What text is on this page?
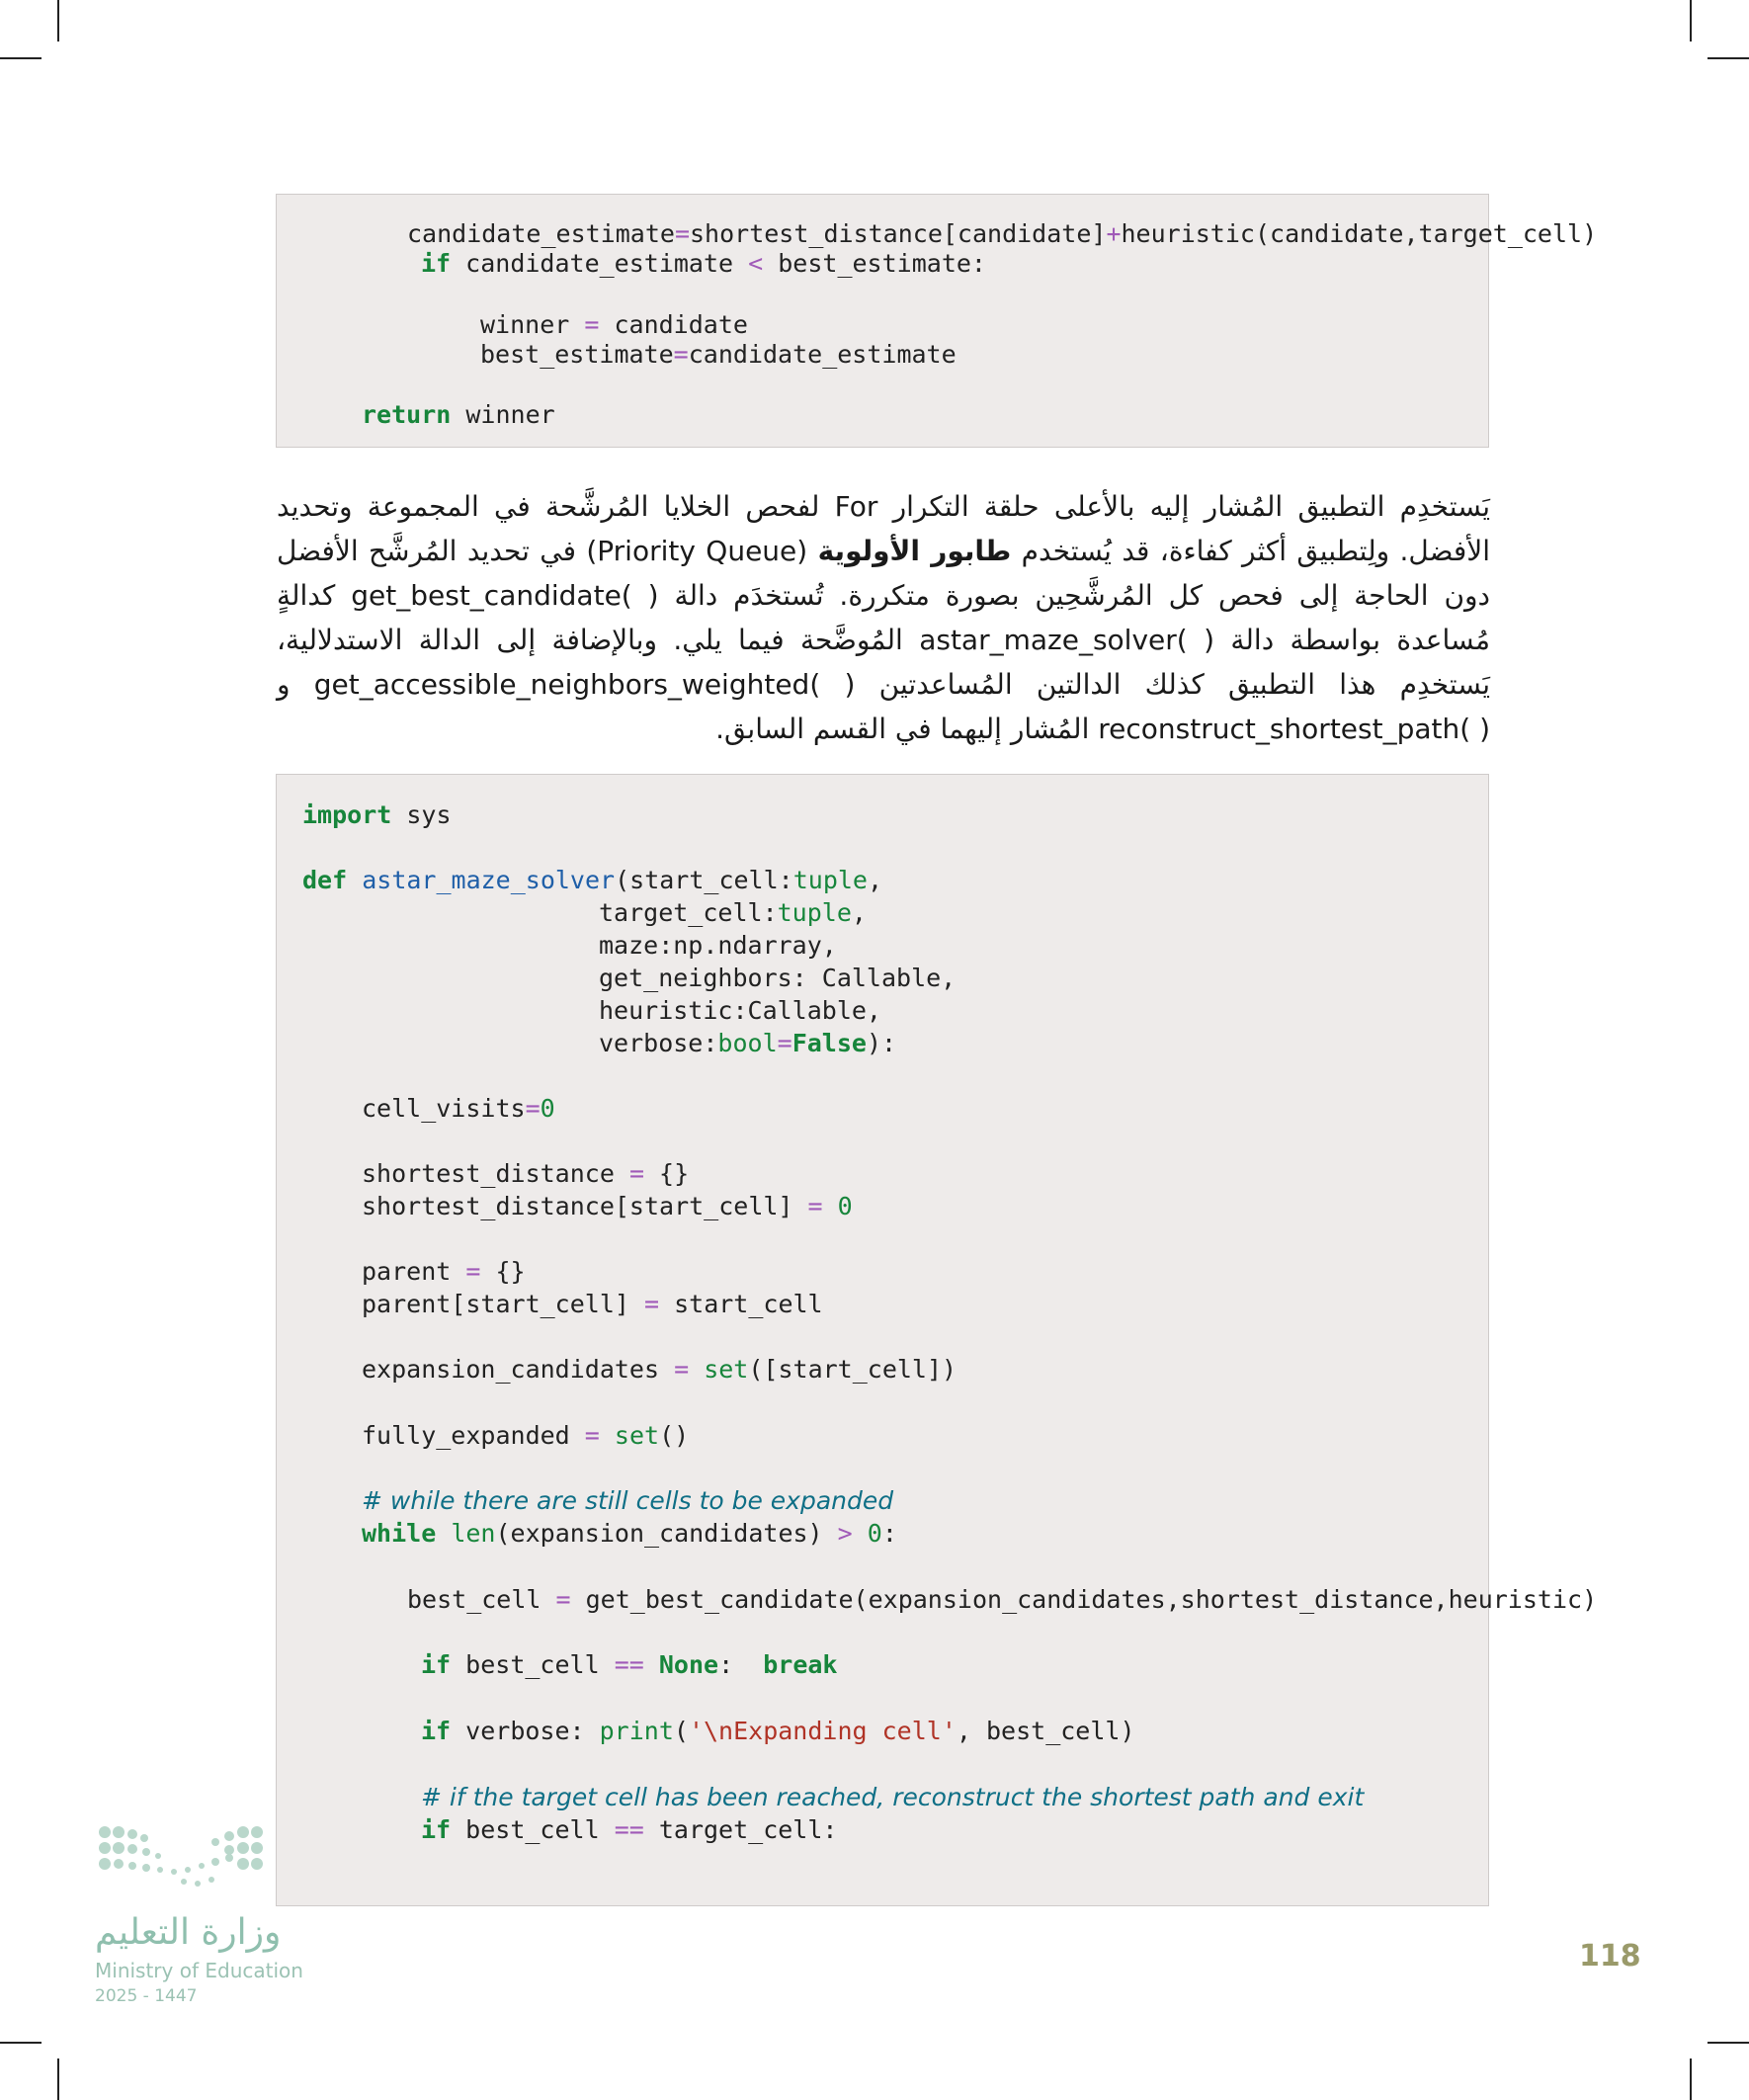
candidate_estimate=shortest_distance[candidate]+heuristic(candidate,target_cell)
if candidate_estimate < best_estimate:
winner = candidate
best_estimate=candidate_estimate
return winner
يَستخدِم التطبيق المُشار إليه بالأعلى حلقة التكرار For لفحص الخلايا المُرشَّحة في المجموعة وتحديد الأفضل. ولِتطبيق أكثر كفاءة، قد يُستخدم طابور الأولوية (Priority Queue) في تحديد المُرشَّح الأفضل دون الحاجة إلى فحص كل المُرشَّحِين بصورة متكررة. تُستخدَم دالة get_best_candidate( ) كدالةٍ مُساعدة بواسطة دالة astar_maze_solver( ) المُوضَّحة فيما يلي. وبالإضافة إلى الدالة الاستدلالية، يَستخدِم هذا التطبيق كذلك الدالتين المُساعدتين get_accessible_neighbors_weighted( ) و reconstruct_shortest_path( ) المُشار إليهما في القسم السابق.
import sys
def astar_maze_solver(start_cell:tuple,
target_cell:tuple,
maze:np.ndarray,
get_neighbors: Callable,
heuristic:Callable,
verbose:bool=False):
cell_visits=0
shortest_distance = {}
shortest_distance[start_cell] = 0
parent = {}
parent[start_cell] = start_cell
expansion_candidates = set([start_cell])
fully_expanded = set()
# while there are still cells to be expanded
while len(expansion_candidates) > 0:
best_cell = get_best_candidate(expansion_candidates,shortest_distance,heuristic)
if best_cell == None:  break
if verbose: print('\nExpanding cell', best_cell)
# if the target cell has been reached, reconstruct the shortest path and exit
if best_cell == target_cell:
وزارة التعليم
Ministry of Education
2025 - 1447
118
